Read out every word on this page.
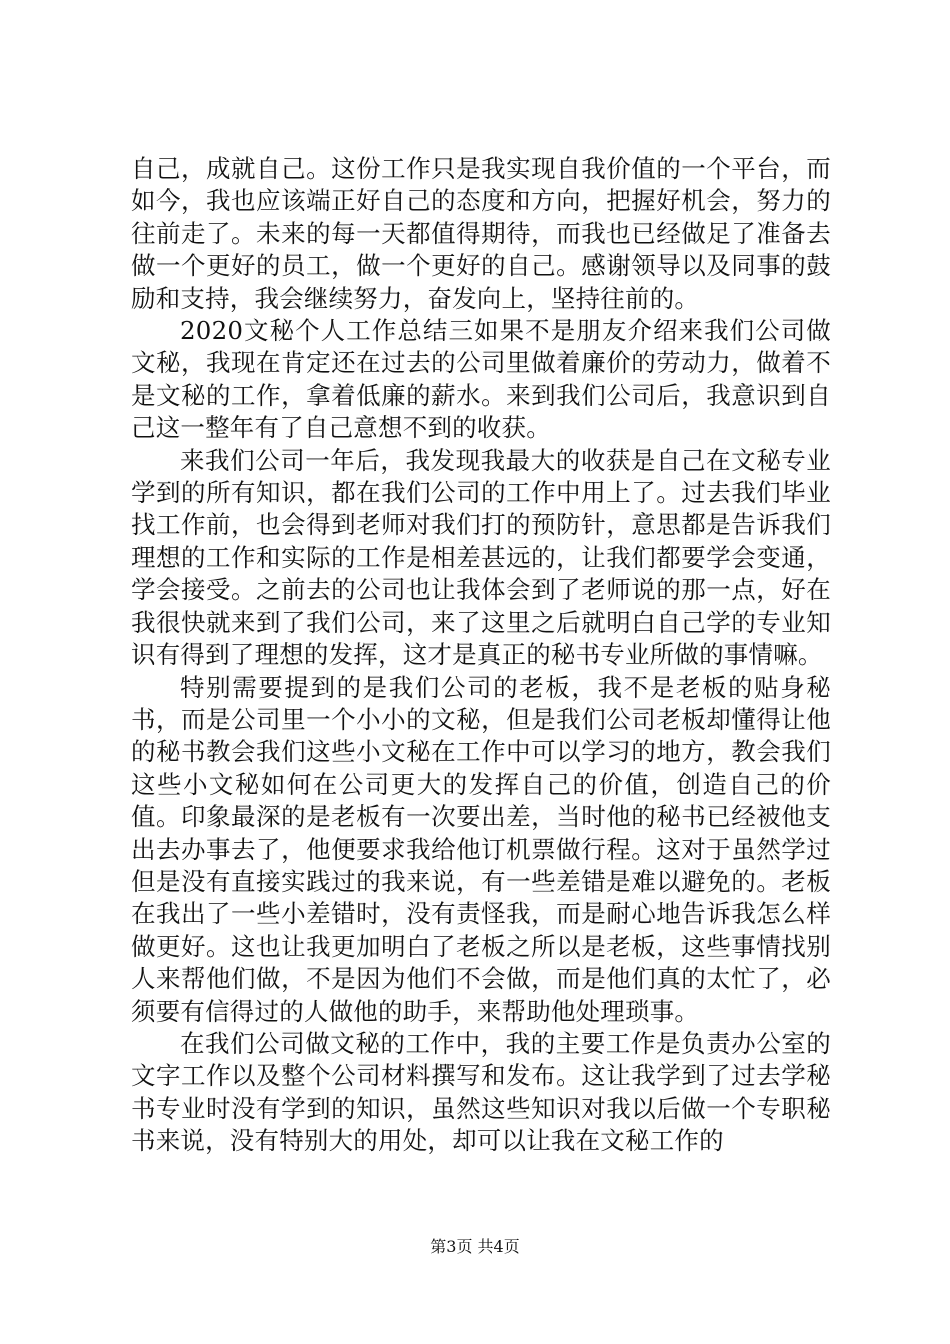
自己，成就自己。这份工作只是我实现自我价值的一个平台，而如今，我也应该端正好自己的态度和方向，把握好机会，努力的往前走了。未来的每一天都值得期待，而我也已经做足了准备去做一个更好的员工，做一个更好的自己。感谢领导以及同事的鼓励和支持，我会继续努力，奋发向上，坚持往前的。

2020文秘个人工作总结三如果不是朋友介绍来我们公司做文秘，我现在肯定还在过去的公司里做着廉价的劳动力，做着不是文秘的工作，拿着低廉的薪水。来到我们公司后，我意识到自己这一整年有了自己意想不到的收获。

来我们公司一年后，我发现我最大的收获是自己在文秘专业学到的所有知识，都在我们公司的工作中用上了。过去我们毕业找工作前，也会得到老师对我们打的预防针，意思都是告诉我们理想的工作和实际的工作是相差甚远的，让我们都要学会变通，学会接受。之前去的公司也让我体会到了老师说的那一点，好在我很快就来到了我们公司，来了这里之后就明白自己学的专业知识有得到了理想的发挥，这才是真正的秘书专业所做的事情嘛。

特别需要提到的是我们公司的老板，我不是老板的贴身秘书，而是公司里一个小小的文秘，但是我们公司老板却懂得让他的秘书教会我们这些小文秘在工作中可以学习的地方，教会我们这些小文秘如何在公司更大的发挥自己的价值，创造自己的价值。印象最深的是老板有一次要出差，当时他的秘书已经被他支出去办事去了，他便要求我给他订机票做行程。这对于虽然学过但是没有直接实践过的我来说，有一些差错是难以避免的。老板在我出了一些小差错时，没有责怪我，而是耐心地告诉我怎么样做更好。这也让我更加明白了老板之所以是老板，这些事情找别人来帮他们做，不是因为他们不会做，而是他们真的太忙了，必须要有信得过的人做他的助手，来帮助他处理琐事。

在我们公司做文秘的工作中，我的主要工作是负责办公室的文字工作以及整个公司材料撰写和发布。这让我学到了过去学秘书专业时没有学到的知识，虽然这些知识对我以后做一个专职秘书来说，没有特别大的用处，却可以让我在文秘工作的

第3页 共4页
